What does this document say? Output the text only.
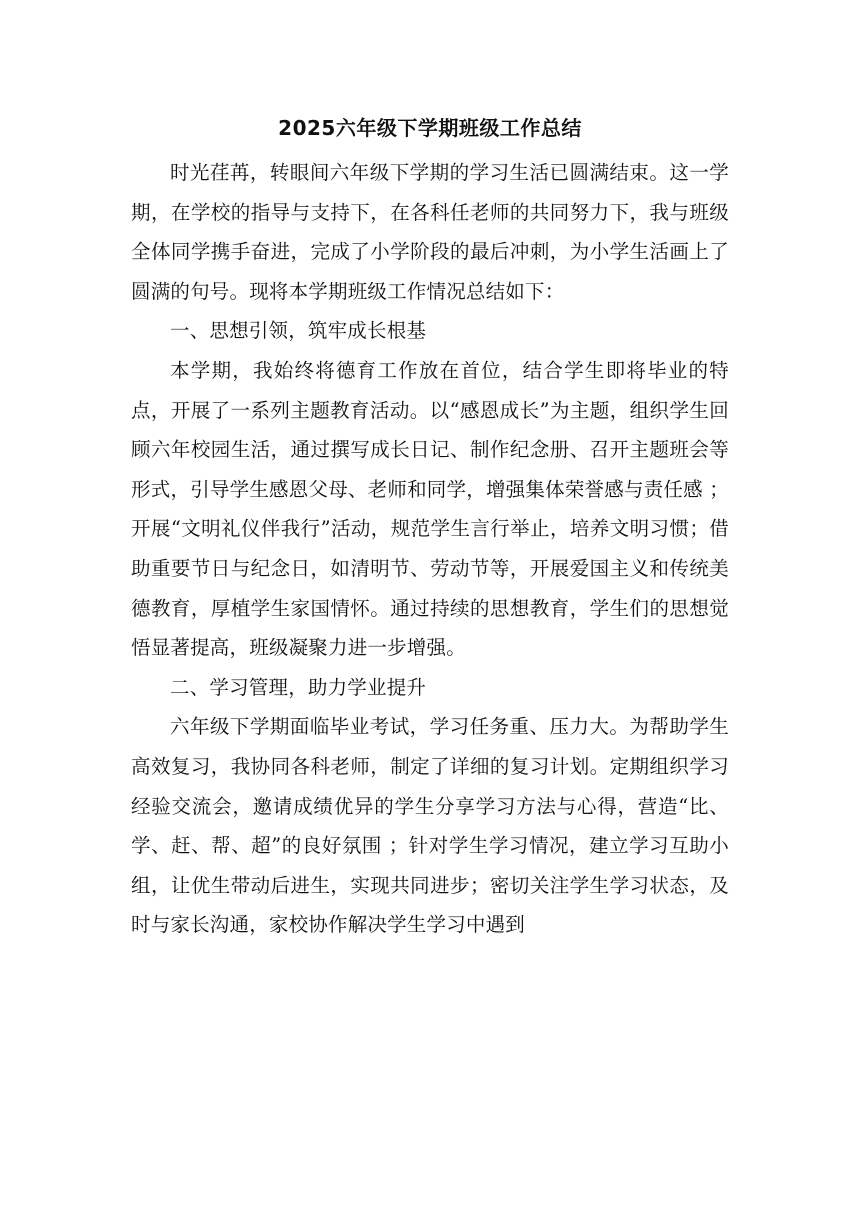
2025六年级下学期班级工作总结

时光荏苒，转眼间六年级下学期的学习生活已圆满结束。这一学期，在学校的指导与支持下，在各科任老师的共同努力下，我与班级全体同学携手奋进，完成了小学阶段的最后冲刺，为小学生活画上了圆满的句号。现将本学期班级工作情况总结如下：

一、思想引领，筑牢成长根基

本学期，我始终将德育工作放在首位，结合学生即将毕业的特点，开展了一系列主题教育活动。以“感恩成长”为主题，组织学生回顾六年校园生活，通过撰写成长日记、制作纪念册、召开主题班会等形式，引导学生感恩父母、老师和同学，增强集体荣誉感与责任感 ；开展“文明礼仪伴我行”活动，规范学生言行举止，培养文明习惯；借助重要节日与纪念日，如清明节、劳动节等，开展爱国主义和传统美德教育，厚植学生家国情怀。通过持续的思想教育，学生们的思想觉悟显著提高，班级凝聚力进一步增强。

二、学习管理，助力学业提升

六年级下学期面临毕业考试，学习任务重、压力大。为帮助学生高效复习，我协同各科老师，制定了详细的复习计划。定期组织学习经验交流会，邀请成绩优异的学生分享学习方法与心得，营造“比、学、赶、帮、超”的良好氛围 ；针对学生学习情况，建立学习互助小组，让优生带动后进生，实现共同进步；密切关注学生学习状态，及时与家长沟通，家校协作解决学生学习中遇到
